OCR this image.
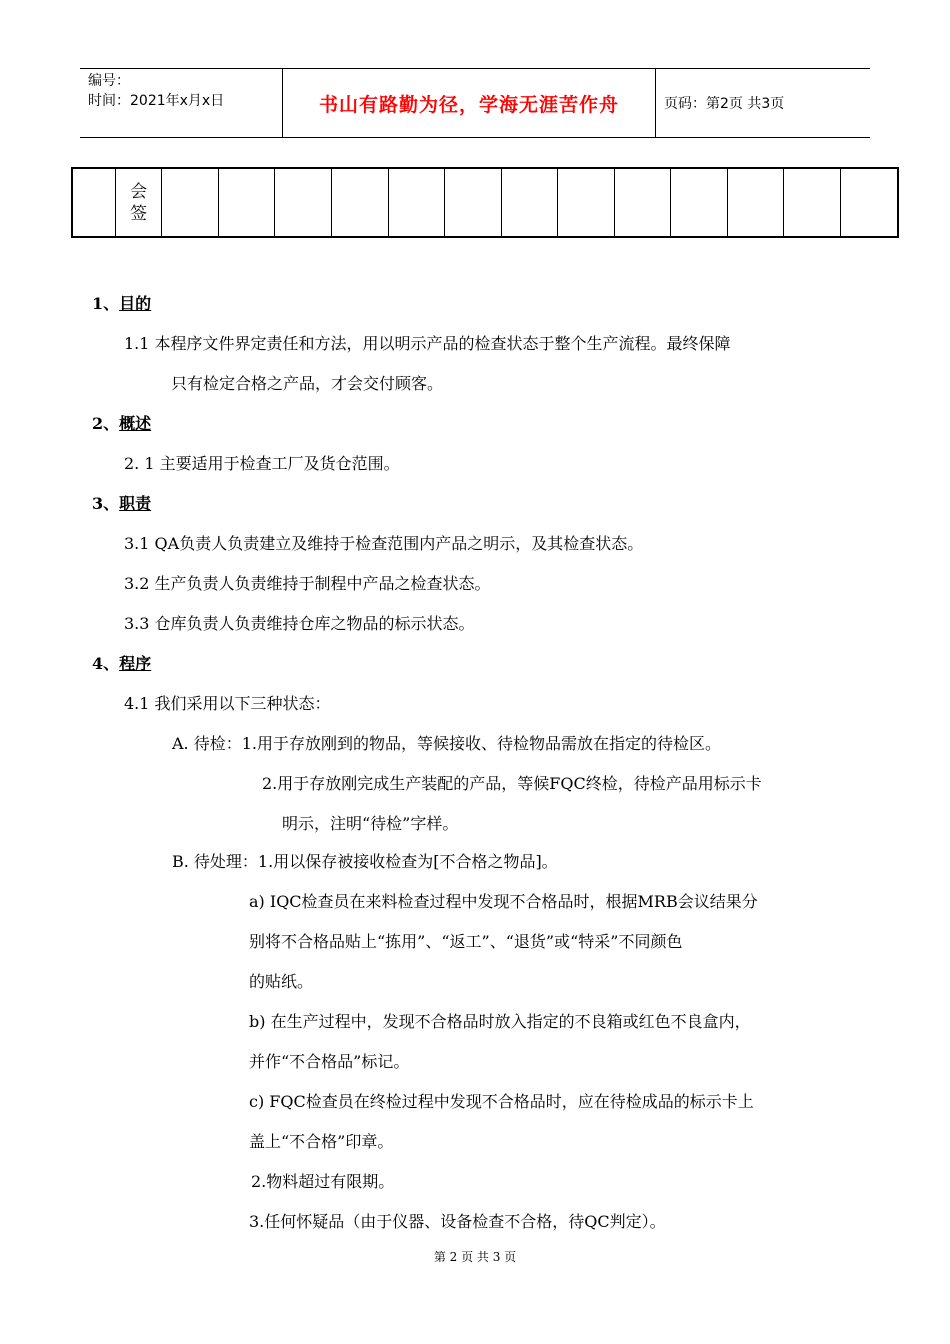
编号：
时间：2021年x月x日	书山有路勤为径，学海无涯苦作舟	页码：第2页 共3页
	会签													
1、目的
1.1 本程序文件界定责任和方法，用以明示产品的检查状态于整个生产流程。最终保障
只有检定合格之产品，才会交付顾客。
2、概述
2. 1 主要适用于检查工厂及货仓范围。
3、职责
3.1 QA负责人负责建立及维持于检查范围内产品之明示，及其检查状态。
3.2 生产负责人负责维持于制程中产品之检查状态。
3.3 仓库负责人负责维持仓库之物品的标示状态。
4、程序
4.1 我们采用以下三种状态：
A. 待检：1.用于存放刚到的物品，等候接收、待检物品需放在指定的待检区。
2.用于存放刚完成生产装配的产品，等候FQC终检，待检产品用标示卡
明示，注明“待检”字样。
B. 待处理：1.用以保存被接收检查为[不合格之物品]。
a) IQC检查员在来料检查过程中发现不合格品时，根据MRB会议结果分
别将不合格品贴上“拣用”、“返工”、“退货”或“特采”不同颜色
的贴纸。
b) 在生产过程中，发现不合格品时放入指定的不良箱或红色不良盒内，
并作“不合格品”标记。
c) FQC检查员在终检过程中发现不合格品时，应在待检成品的标示卡上
盖上“不合格”印章。
2.物料超过有限期。
3.任何怀疑品（由于仪器、设备检查不合格，待QC判定）。
第 2 页 共 3 页
